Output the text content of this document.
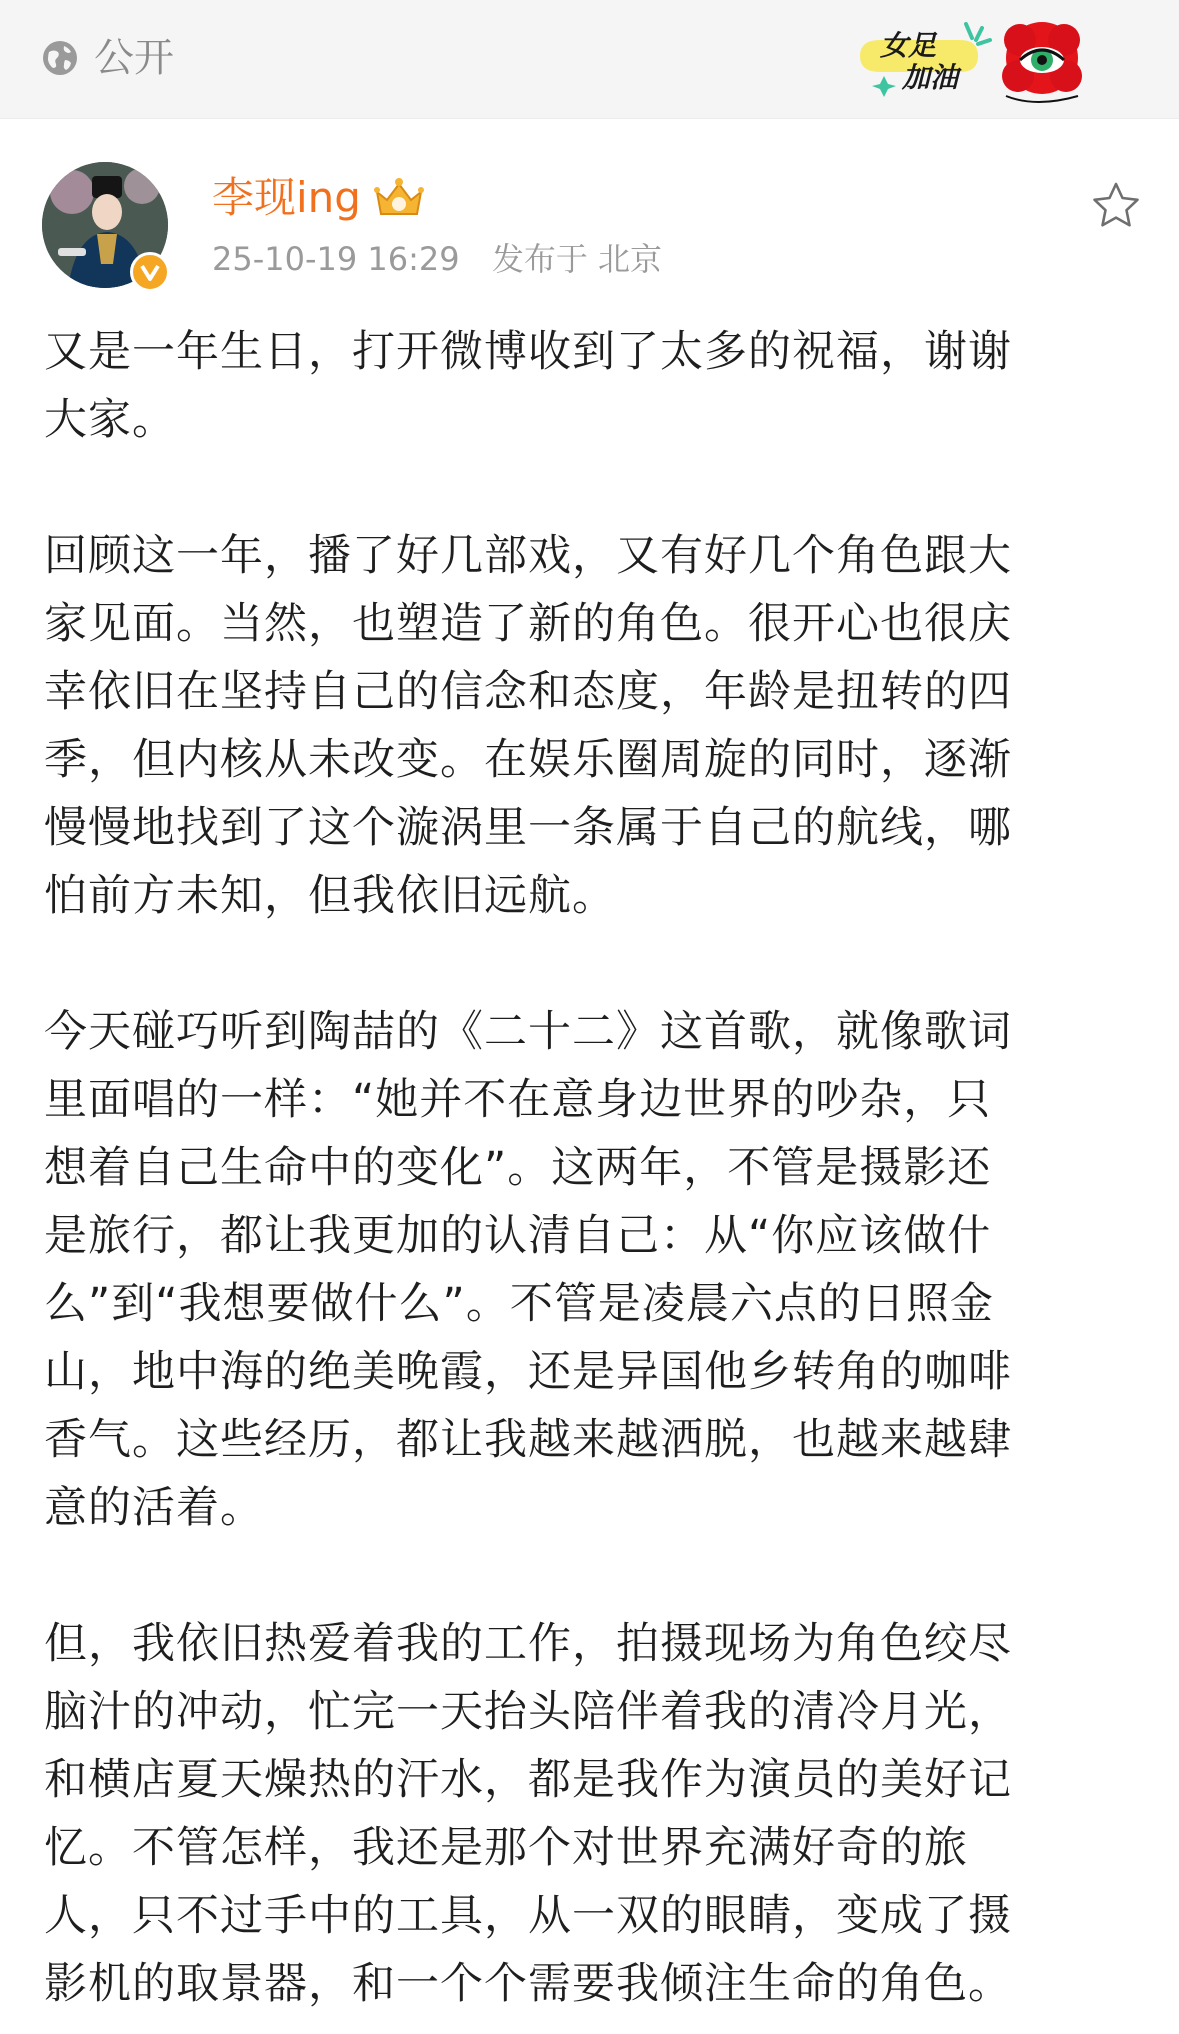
公开	女足
加油
李现ing
25-10-19 16:29 发布于 北京

又是一年生日，打开微博收到了太多的祝福，谢谢
大家。

回顾这一年，播了好几部戏，又有好几个角色跟大
家见面。当然，也塑造了新的角色。很开心也很庆
幸依旧在坚持自己的信念和态度，年龄是扭转的四
季，但内核从未改变。在娱乐圈周旋的同时，逐渐
慢慢地找到了这个漩涡里一条属于自己的航线，哪
怕前方未知，但我依旧远航。

今天碰巧听到陶喆的《二十二》这首歌，就像歌词
里面唱的一样：“她并不在意身边世界的吵杂，只
想着自己生命中的变化”。这两年，不管是摄影还
是旅行，都让我更加的认清自己：从“你应该做什
么”到“我想要做什么”。不管是凌晨六点的日照金
山，地中海的绝美晚霞，还是异国他乡转角的咖啡
香气。这些经历，都让我越来越洒脱，也越来越肆
意的活着。

但，我依旧热爱着我的工作，拍摄现场为角色绞尽
脑汁的冲动，忙完一天抬头陪伴着我的清冷月光，
和横店夏天燥热的汗水，都是我作为演员的美好记
忆。不管怎样，我还是那个对世界充满好奇的旅
人，只不过手中的工具，从一双的眼睛，变成了摄
影机的取景器，和一个个需要我倾注生命的角色。
